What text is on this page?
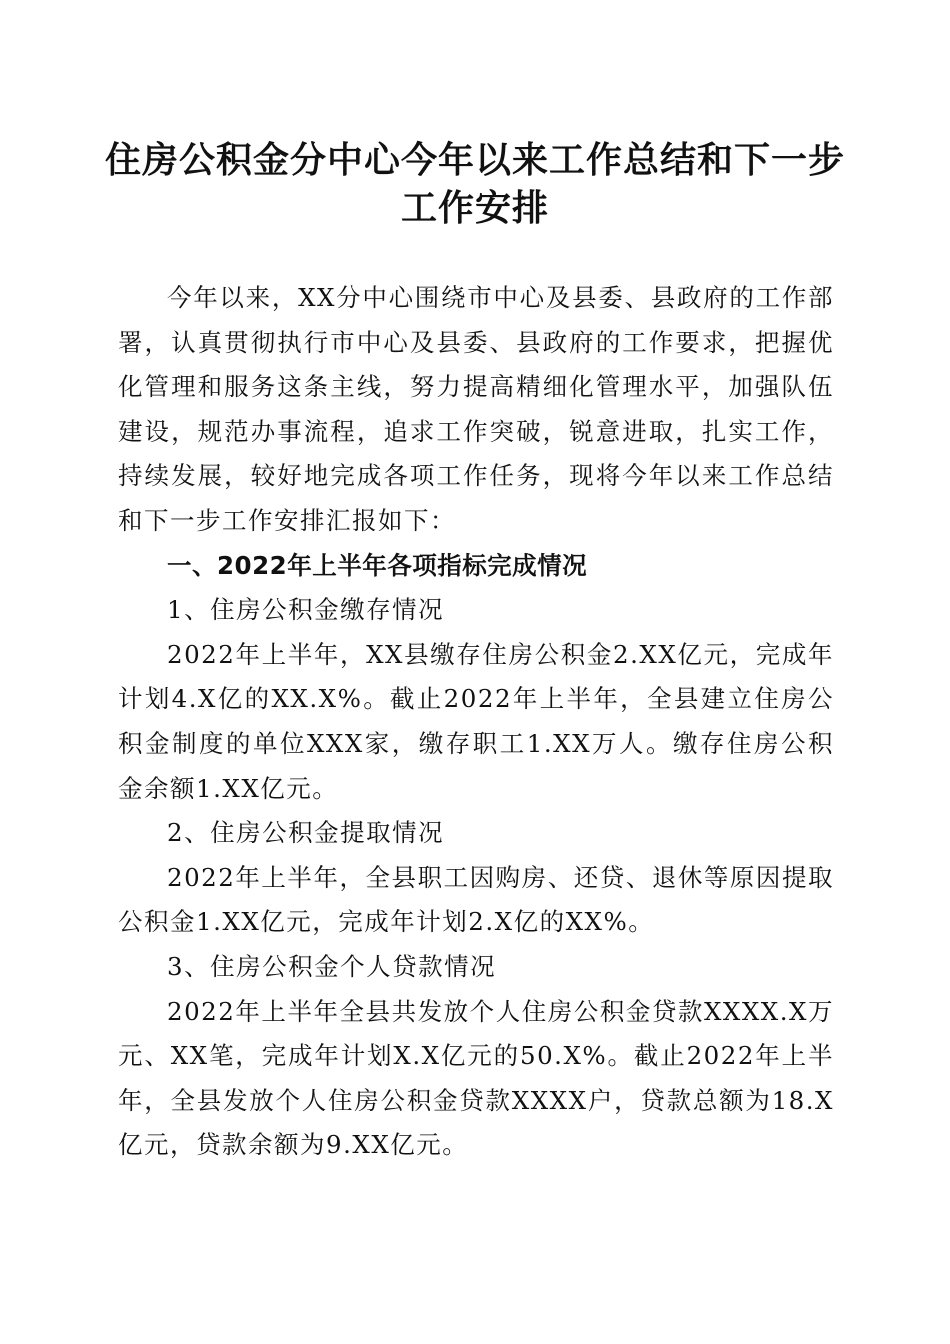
住房公积金分中心今年以来工作总结和下一步
工作安排

今年以来，XX分中心围绕市中心及县委、县政府的工作部署，认真贯彻执行市中心及县委、县政府的工作要求，把握优化管理和服务这条主线，努力提高精细化管理水平，加强队伍建设，规范办事流程，追求工作突破，锐意进取，扎实工作，持续发展，较好地完成各项工作任务，现将今年以来工作总结和下一步工作安排汇报如下：

一、2022年上半年各项指标完成情况

1、住房公积金缴存情况

2022年上半年，XX县缴存住房公积金2.XX亿元，完成年计划4.X亿的XX.X%。截止2022年上半年，全县建立住房公积金制度的单位XXX家，缴存职工1.XX万人。缴存住房公积金余额1.XX亿元。

2、住房公积金提取情况

2022年上半年，全县职工因购房、还贷、退休等原因提取公积金1.XX亿元，完成年计划2.X亿的XX%。

3、住房公积金个人贷款情况

2022年上半年全县共发放个人住房公积金贷款XXXX.X万元、XX笔，完成年计划X.X亿元的50.X%。截止2022年上半年，全县发放个人住房公积金贷款XXXX户，贷款总额为18.X亿元，贷款余额为9.XX亿元。
